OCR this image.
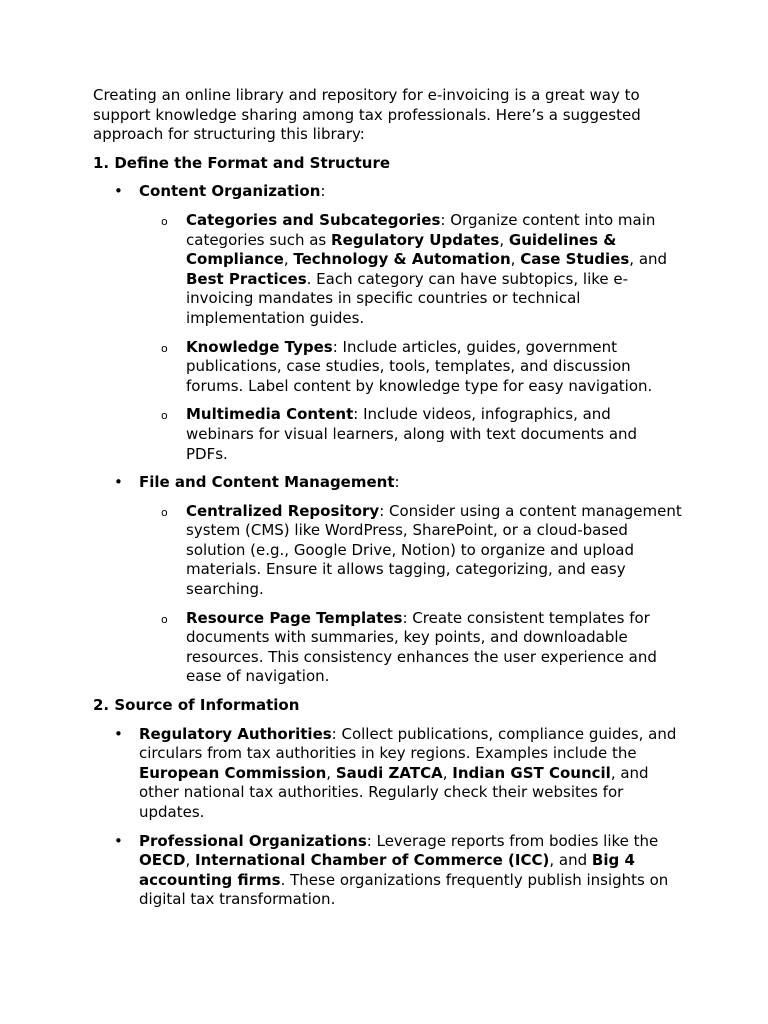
Creating an online library and repository for e-invoicing is a great way to support knowledge sharing among tax professionals. Here’s a suggested approach for structuring this library:

1. Define the Format and Structure

• Content Organization:

o Categories and Subcategories: Organize content into main categories such as Regulatory Updates, Guidelines & Compliance, Technology & Automation, Case Studies, and Best Practices. Each category can have subtopics, like e-invoicing mandates in specific countries or technical implementation guides.

o Knowledge Types: Include articles, guides, government publications, case studies, tools, templates, and discussion forums. Label content by knowledge type for easy navigation.

o Multimedia Content: Include videos, infographics, and webinars for visual learners, along with text documents and PDFs.

• File and Content Management:

o Centralized Repository: Consider using a content management system (CMS) like WordPress, SharePoint, or a cloud-based solution (e.g., Google Drive, Notion) to organize and upload materials. Ensure it allows tagging, categorizing, and easy searching.

o Resource Page Templates: Create consistent templates for documents with summaries, key points, and downloadable resources. This consistency enhances the user experience and ease of navigation.

2. Source of Information

• Regulatory Authorities: Collect publications, compliance guides, and circulars from tax authorities in key regions. Examples include the European Commission, Saudi ZATCA, Indian GST Council, and other national tax authorities. Regularly check their websites for updates.

• Professional Organizations: Leverage reports from bodies like the OECD, International Chamber of Commerce (ICC), and Big 4 accounting firms. These organizations frequently publish insights on digital tax transformation.
